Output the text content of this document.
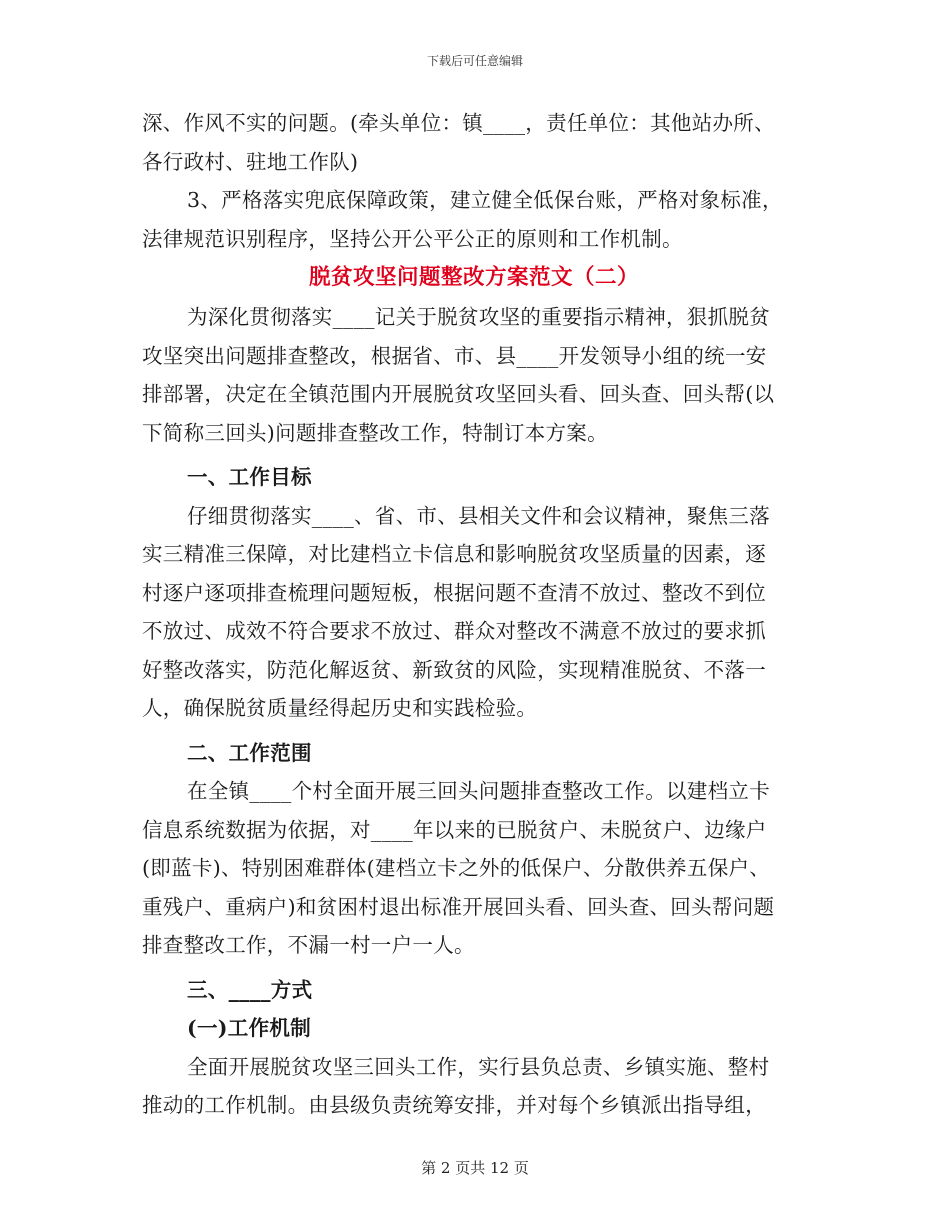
下载后可任意编辑
深、作风不实的问题。(牵头单位：镇____，责任单位：其他站办所、
各行政村、驻地工作队)
3、严格落实兜底保障政策，建立健全低保台账，严格对象标准，
法律规范识别程序，坚持公开公平公正的原则和工作机制。
脱贫攻坚问题整改方案范文（二）
为深化贯彻落实____记关于脱贫攻坚的重要指示精神，狠抓脱贫
攻坚突出问题排查整改，根据省、市、县____开发领导小组的统一安
排部署，决定在全镇范围内开展脱贫攻坚回头看、回头查、回头帮(以
下简称三回头)问题排查整改工作，特制订本方案。
一、工作目标
仔细贯彻落实____、省、市、县相关文件和会议精神，聚焦三落
实三精准三保障，对比建档立卡信息和影响脱贫攻坚质量的因素，逐
村逐户逐项排查梳理问题短板，根据问题不查清不放过、整改不到位
不放过、成效不符合要求不放过、群众对整改不满意不放过的要求抓
好整改落实，防范化解返贫、新致贫的风险，实现精准脱贫、不落一
人，确保脱贫质量经得起历史和实践检验。
二、工作范围
在全镇____个村全面开展三回头问题排查整改工作。以建档立卡
信息系统数据为依据，对____年以来的已脱贫户、未脱贫户、边缘户
(即蓝卡)、特别困难群体(建档立卡之外的低保户、分散供养五保户、
重残户、重病户)和贫困村退出标准开展回头看、回头查、回头帮问题
排查整改工作，不漏一村一户一人。
三、____方式
(一)工作机制
全面开展脱贫攻坚三回头工作，实行县负总责、乡镇实施、整村
推动的工作机制。由县级负责统筹安排，并对每个乡镇派出指导组，
第 2 页共 12 页
